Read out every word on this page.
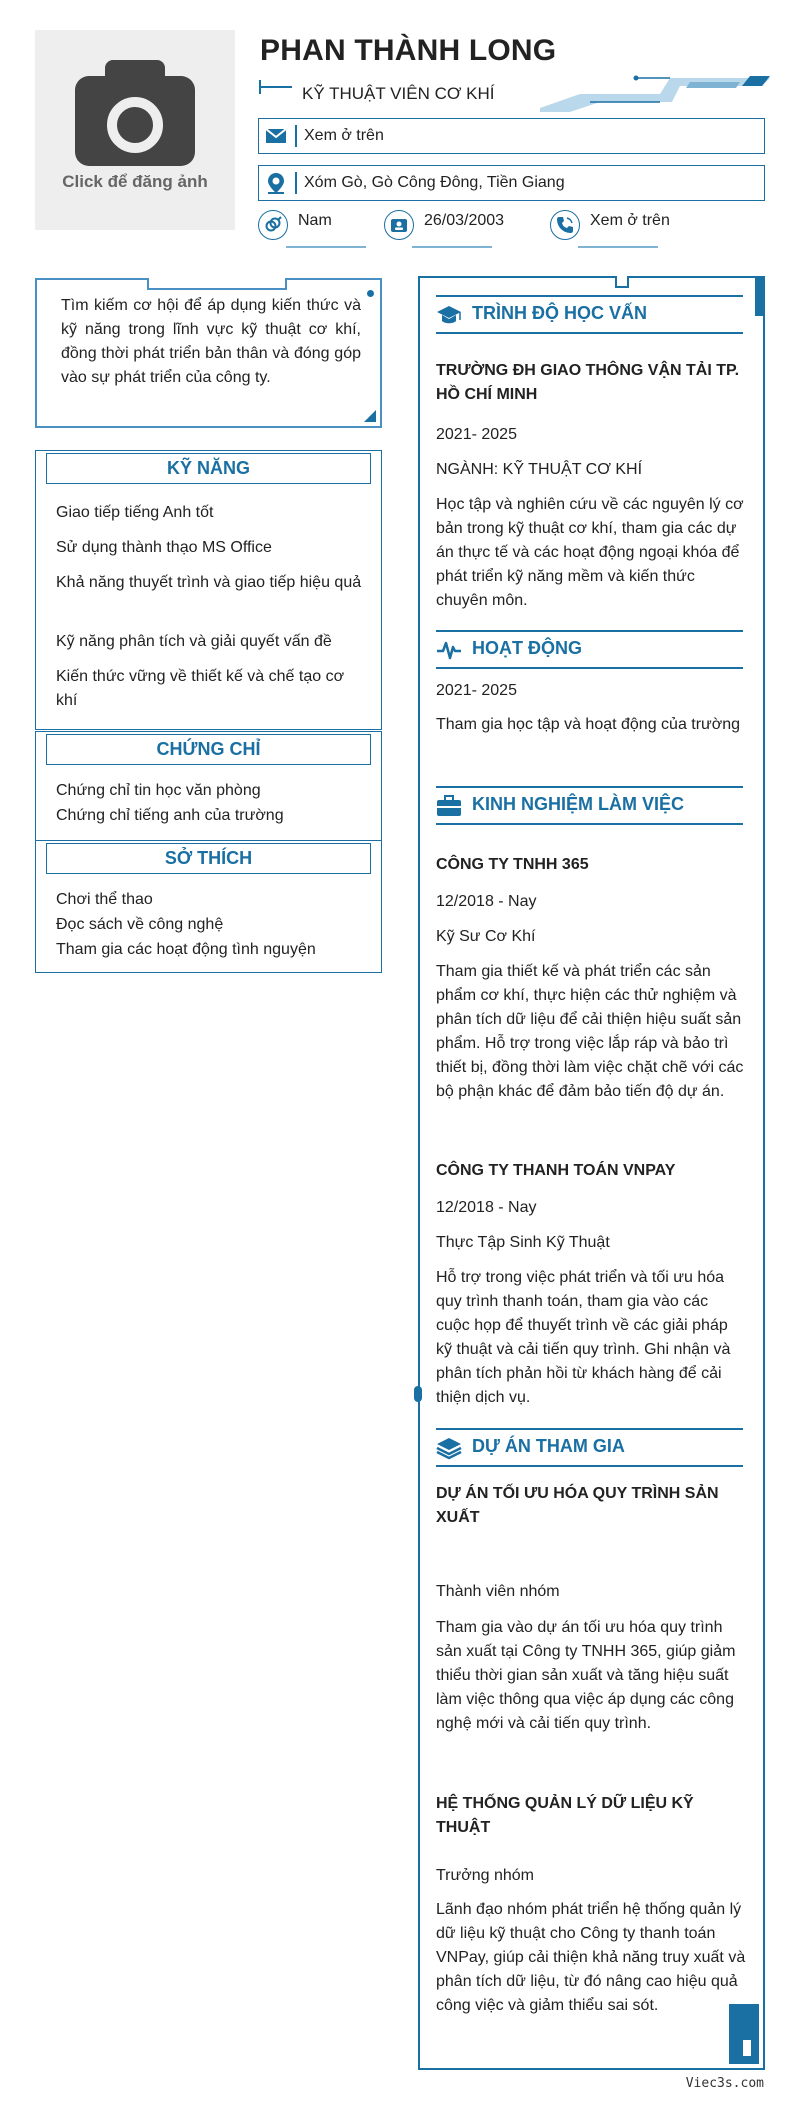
Click để đăng ảnh
PHAN THÀNH LONG
KỸ THUẬT VIÊN CƠ KHÍ
Xem ở trên
Xóm Gò, Gò Công Đông, Tiền Giang
Nam	26/03/2003	Xem ở trên
Tìm kiếm cơ hội để áp dụng kiến thức và kỹ năng trong lĩnh vực kỹ thuật cơ khí, đồng thời phát triển bản thân và đóng góp vào sự phát triển của công ty.
KỸ NĂNG
Giao tiếp tiếng Anh tốt
Sử dụng thành thạo MS Office
Khả năng thuyết trình và giao tiếp hiệu quả
Kỹ năng phân tích và giải quyết vấn đề
Kiến thức vững về thiết kế và chế tạo cơ khí
CHỨNG CHỈ
Chứng chỉ tin học văn phòng
Chứng chỉ tiếng anh của trường
SỞ THÍCH
Chơi thể thao
Đọc sách về công nghệ
Tham gia các hoạt động tình nguyện
TRÌNH ĐỘ HỌC VẤN
TRƯỜNG ĐH GIAO THÔNG VẬN TẢI TP. HỒ CHÍ MINH
2021- 2025
NGÀNH: KỸ THUẬT CƠ KHÍ
Học tập và nghiên cứu về các nguyên lý cơ bản trong kỹ thuật cơ khí, tham gia các dự án thực tế và các hoạt động ngoại khóa để phát triển kỹ năng mềm và kiến thức chuyên môn.
HOẠT ĐỘNG
2021- 2025
Tham gia học tập và hoạt động của trường
KINH NGHIỆM LÀM VIỆC
CÔNG TY TNHH 365
12/2018 - Nay
Kỹ Sư Cơ Khí
Tham gia thiết kế và phát triển các sản phẩm cơ khí, thực hiện các thử nghiệm và phân tích dữ liệu để cải thiện hiệu suất sản phẩm. Hỗ trợ trong việc lắp ráp và bảo trì thiết bị, đồng thời làm việc chặt chẽ với các bộ phận khác để đảm bảo tiến độ dự án.
CÔNG TY THANH TOÁN VNPAY
12/2018 - Nay
Thực Tập Sinh Kỹ Thuật
Hỗ trợ trong việc phát triển và tối ưu hóa quy trình thanh toán, tham gia vào các cuộc họp để thuyết trình về các giải pháp kỹ thuật và cải tiến quy trình. Ghi nhận và phân tích phản hồi từ khách hàng để cải thiện dịch vụ.
DỰ ÁN THAM GIA
DỰ ÁN TỐI ƯU HÓA QUY TRÌNH SẢN XUẤT
Thành viên nhóm
Tham gia vào dự án tối ưu hóa quy trình sản xuất tại Công ty TNHH 365, giúp giảm thiểu thời gian sản xuất và tăng hiệu suất làm việc thông qua việc áp dụng các công nghệ mới và cải tiến quy trình.
HỆ THỐNG QUẢN LÝ DỮ LIỆU KỸ THUẬT
Trưởng nhóm
Lãnh đạo nhóm phát triển hệ thống quản lý dữ liệu kỹ thuật cho Công ty thanh toán VNPay, giúp cải thiện khả năng truy xuất và phân tích dữ liệu, từ đó nâng cao hiệu quả công việc và giảm thiểu sai sót.
Viec3s.com
